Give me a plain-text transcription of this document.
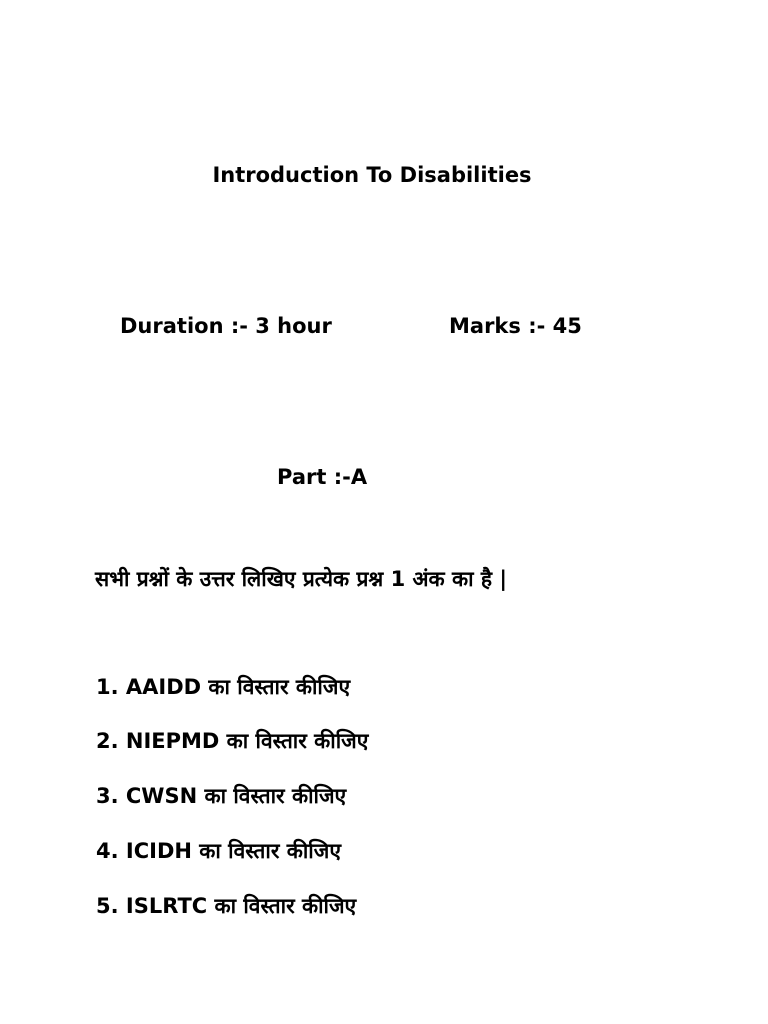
Introduction To Disabilities
Duration :- 3 hour	Marks :- 45
Part :-A
सभी प्रश्नों के उत्तर लिखिए प्रत्येक प्रश्न 1 अंक का है |
1. AAIDD का विस्तार कीजिए
2. NIEPMD का विस्तार कीजिए
3. CWSN का विस्तार कीजिए
4. ICIDH का विस्तार कीजिए
5. ISLRTC का विस्तार कीजिए
